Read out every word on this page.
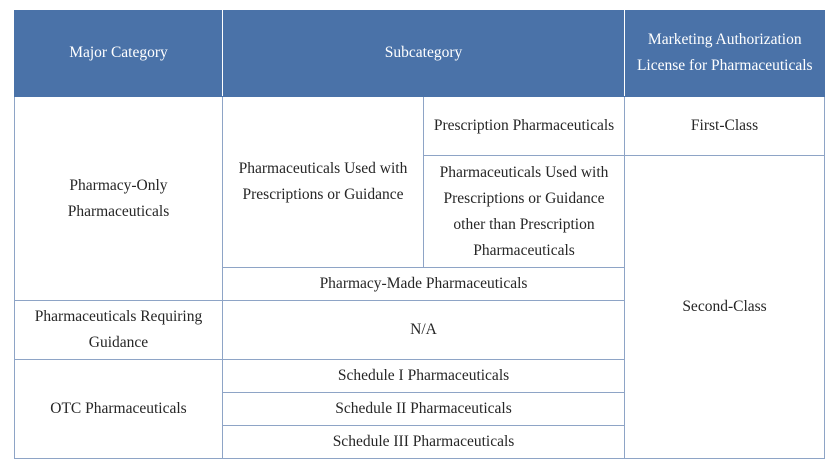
Major Category	Subcategory		Marketing Authorization License for Pharmaceuticals
Pharmacy-Only Pharmaceuticals	Pharmaceuticals Used with Prescriptions or Guidance	Prescription Pharmaceuticals	First-Class
		Pharmaceuticals Used with Prescriptions or Guidance other than Prescription Pharmaceuticals	Second-Class
	Pharmacy-Made Pharmaceuticals		
Pharmaceuticals Requiring Guidance	N/A		
OTC Pharmaceuticals	Schedule I Pharmaceuticals		
	Schedule II Pharmaceuticals		
	Schedule III Pharmaceuticals		
